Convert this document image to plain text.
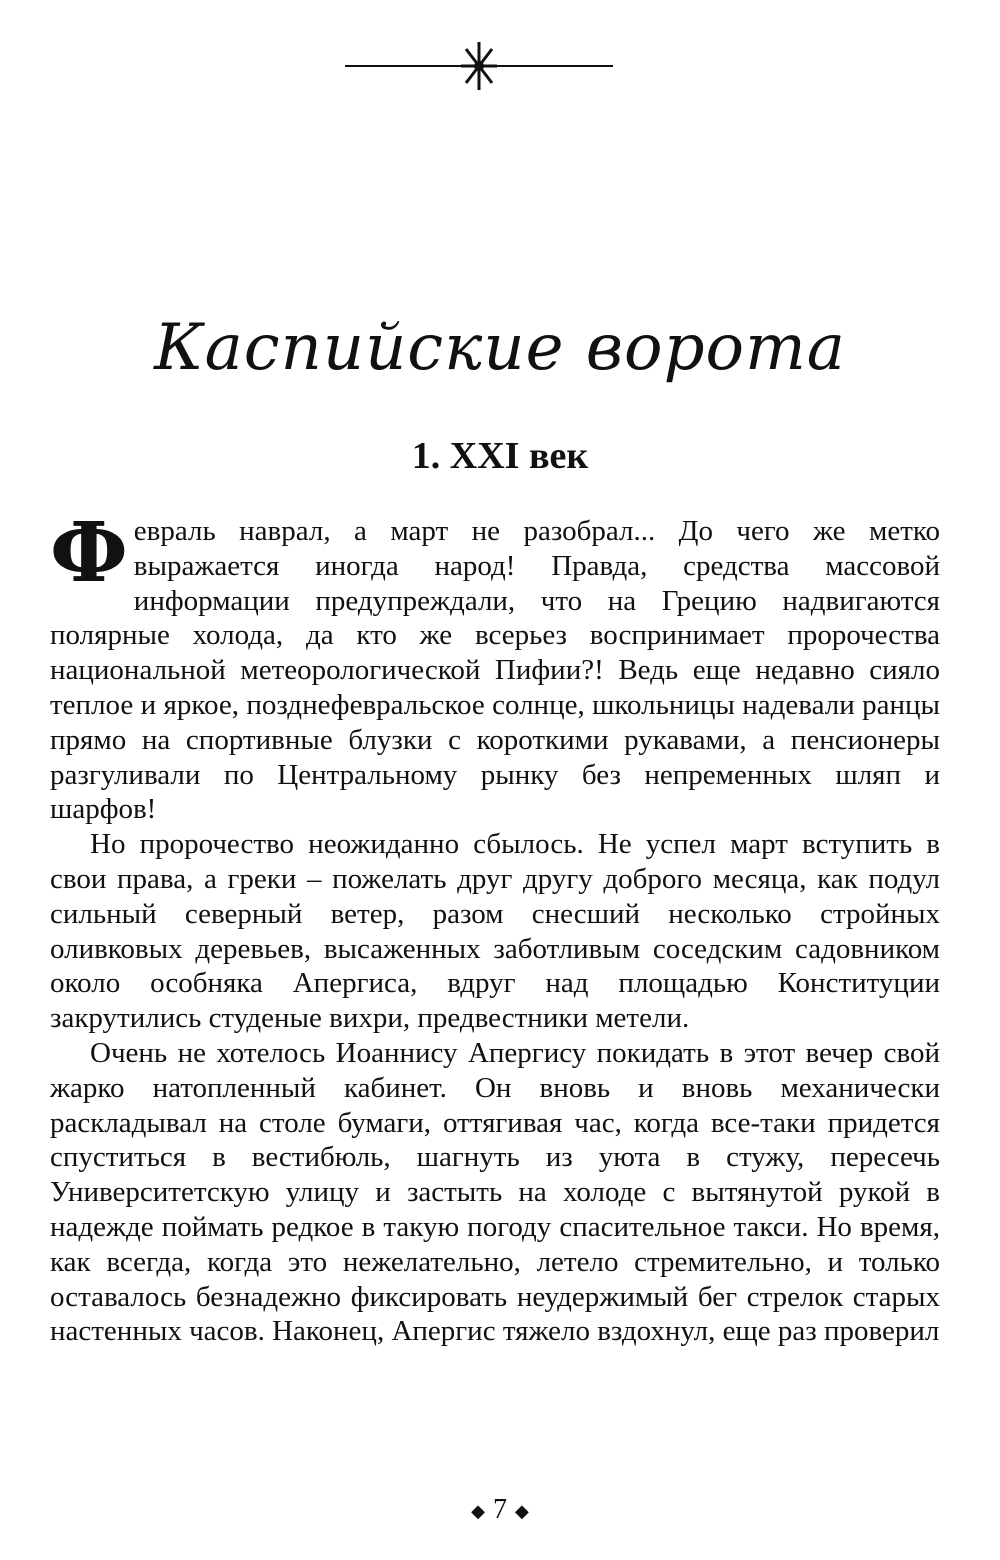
Каспийские ворота
1. XXI век

Февраль наврал, а март не разобрал... До чего же метко выражается иногда народ! Правда, средства массовой информации предупреждали, что на Грецию надвигаются полярные холода, да кто же всерьез воспринимает пророчества национальной метеорологической Пифии?! Ведь еще недавно сияло теплое и яркое, позднефевральское солнце, школьницы надевали ранцы прямо на спортивные блузки с короткими рукавами, а пенсионеры разгуливали по Центральному рынку без непременных шляп и шарфов!

Но пророчество неожиданно сбылось. Не успел март вступить в свои права, а греки – пожелать друг другу доброго месяца, как подул сильный северный ветер, разом снесший несколько стройных оливковых деревьев, высаженных заботливым соседским садовником около особняка Апергиса, вдруг над площадью Конституции закрутились студеные вихри, предвестники метели.

Очень не хотелось Иоаннису Апергису покидать в этот вечер свой жарко натопленный кабинет. Он вновь и вновь механически раскладывал на столе бумаги, оттягивая час, когда все-таки придется спуститься в вестибюль, шагнуть из уюта в стужу, пересечь Университетскую улицу и застыть на холоде с вытянутой рукой в надежде поймать редкое в такую погоду спасительное такси. Но время, как всегда, когда это нежелательно, летело стремительно, и только оставалось безнадежно фиксировать неудержимый бег стрелок старых настенных часов. Наконец, Апергис тяжело вздохнул, еще раз проверил

◆ 7 ◆
